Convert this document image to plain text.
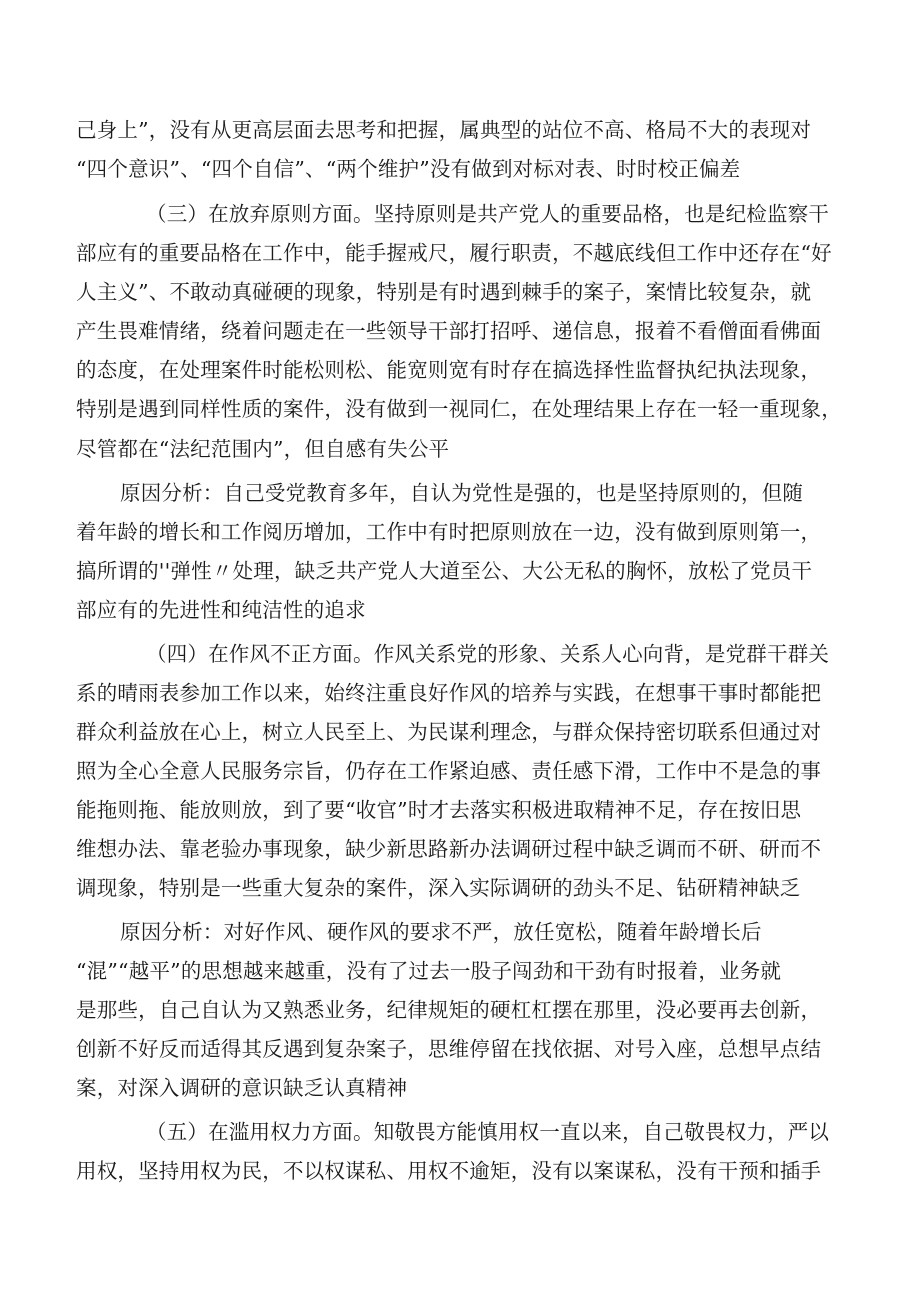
己身上”，没有从更高层面去思考和把握，属典型的站位不高、格局不大的表现对
“四个意识”、“四个自信”、“两个维护”没有做到对标对表、时时校正偏差
（三）在放弃原则方面。坚持原则是共产党人的重要品格，也是纪检监察干
部应有的重要品格在工作中，能手握戒尺，履行职责，不越底线但工作中还存在“好
人主义”、不敢动真碰硬的现象，特别是有时遇到棘手的案子，案情比较复杂，就
产生畏难情绪，绕着问题走在一些领导干部打招呼、递信息，报着不看僧面看佛面
的态度，在处理案件时能松则松、能宽则宽有时存在搞选择性监督执纪执法现象，
特别是遇到同样性质的案件，没有做到一视同仁，在处理结果上存在一轻一重现象，
尽管都在“法纪范围内”，但自感有失公平
原因分析：自己受党教育多年，自认为党性是强的，也是坚持原则的，但随
着年龄的增长和工作阅历增加，工作中有时把原则放在一边，没有做到原则第一，
搞所谓的''弹性〃处理，缺乏共产党人大道至公、大公无私的胸怀，放松了党员干
部应有的先进性和纯洁性的追求
（四）在作风不正方面。作风关系党的形象、关系人心向背，是党群干群关
系的晴雨表参加工作以来，始终注重良好作风的培养与实践，在想事干事时都能把
群众利益放在心上，树立人民至上、为民谋利理念，与群众保持密切联系但通过对
照为全心全意人民服务宗旨，仍存在工作紧迫感、责任感下滑，工作中不是急的事
能拖则拖、能放则放，到了要“收官”时才去落实积极进取精神不足，存在按旧思
维想办法、靠老验办事现象，缺少新思路新办法调研过程中缺乏调而不研、研而不
调现象，特别是一些重大复杂的案件，深入实际调研的劲头不足、钻研精神缺乏
原因分析：对好作风、硬作风的要求不严，放任宽松，随着年龄增长后
“混”“越平”的思想越来越重，没有了过去一股子闯劲和干劲有时报着，业务就
是那些，自己自认为又熟悉业务，纪律规矩的硬杠杠摆在那里，没必要再去创新，
创新不好反而适得其反遇到复杂案子，思维停留在找依据、对号入座，总想早点结
案，对深入调研的意识缺乏认真精神
（五）在滥用权力方面。知敬畏方能慎用权一直以来，自己敬畏权力，严以
用权，坚持用权为民，不以权谋私、用权不逾矩，没有以案谋私，没有干预和插手
